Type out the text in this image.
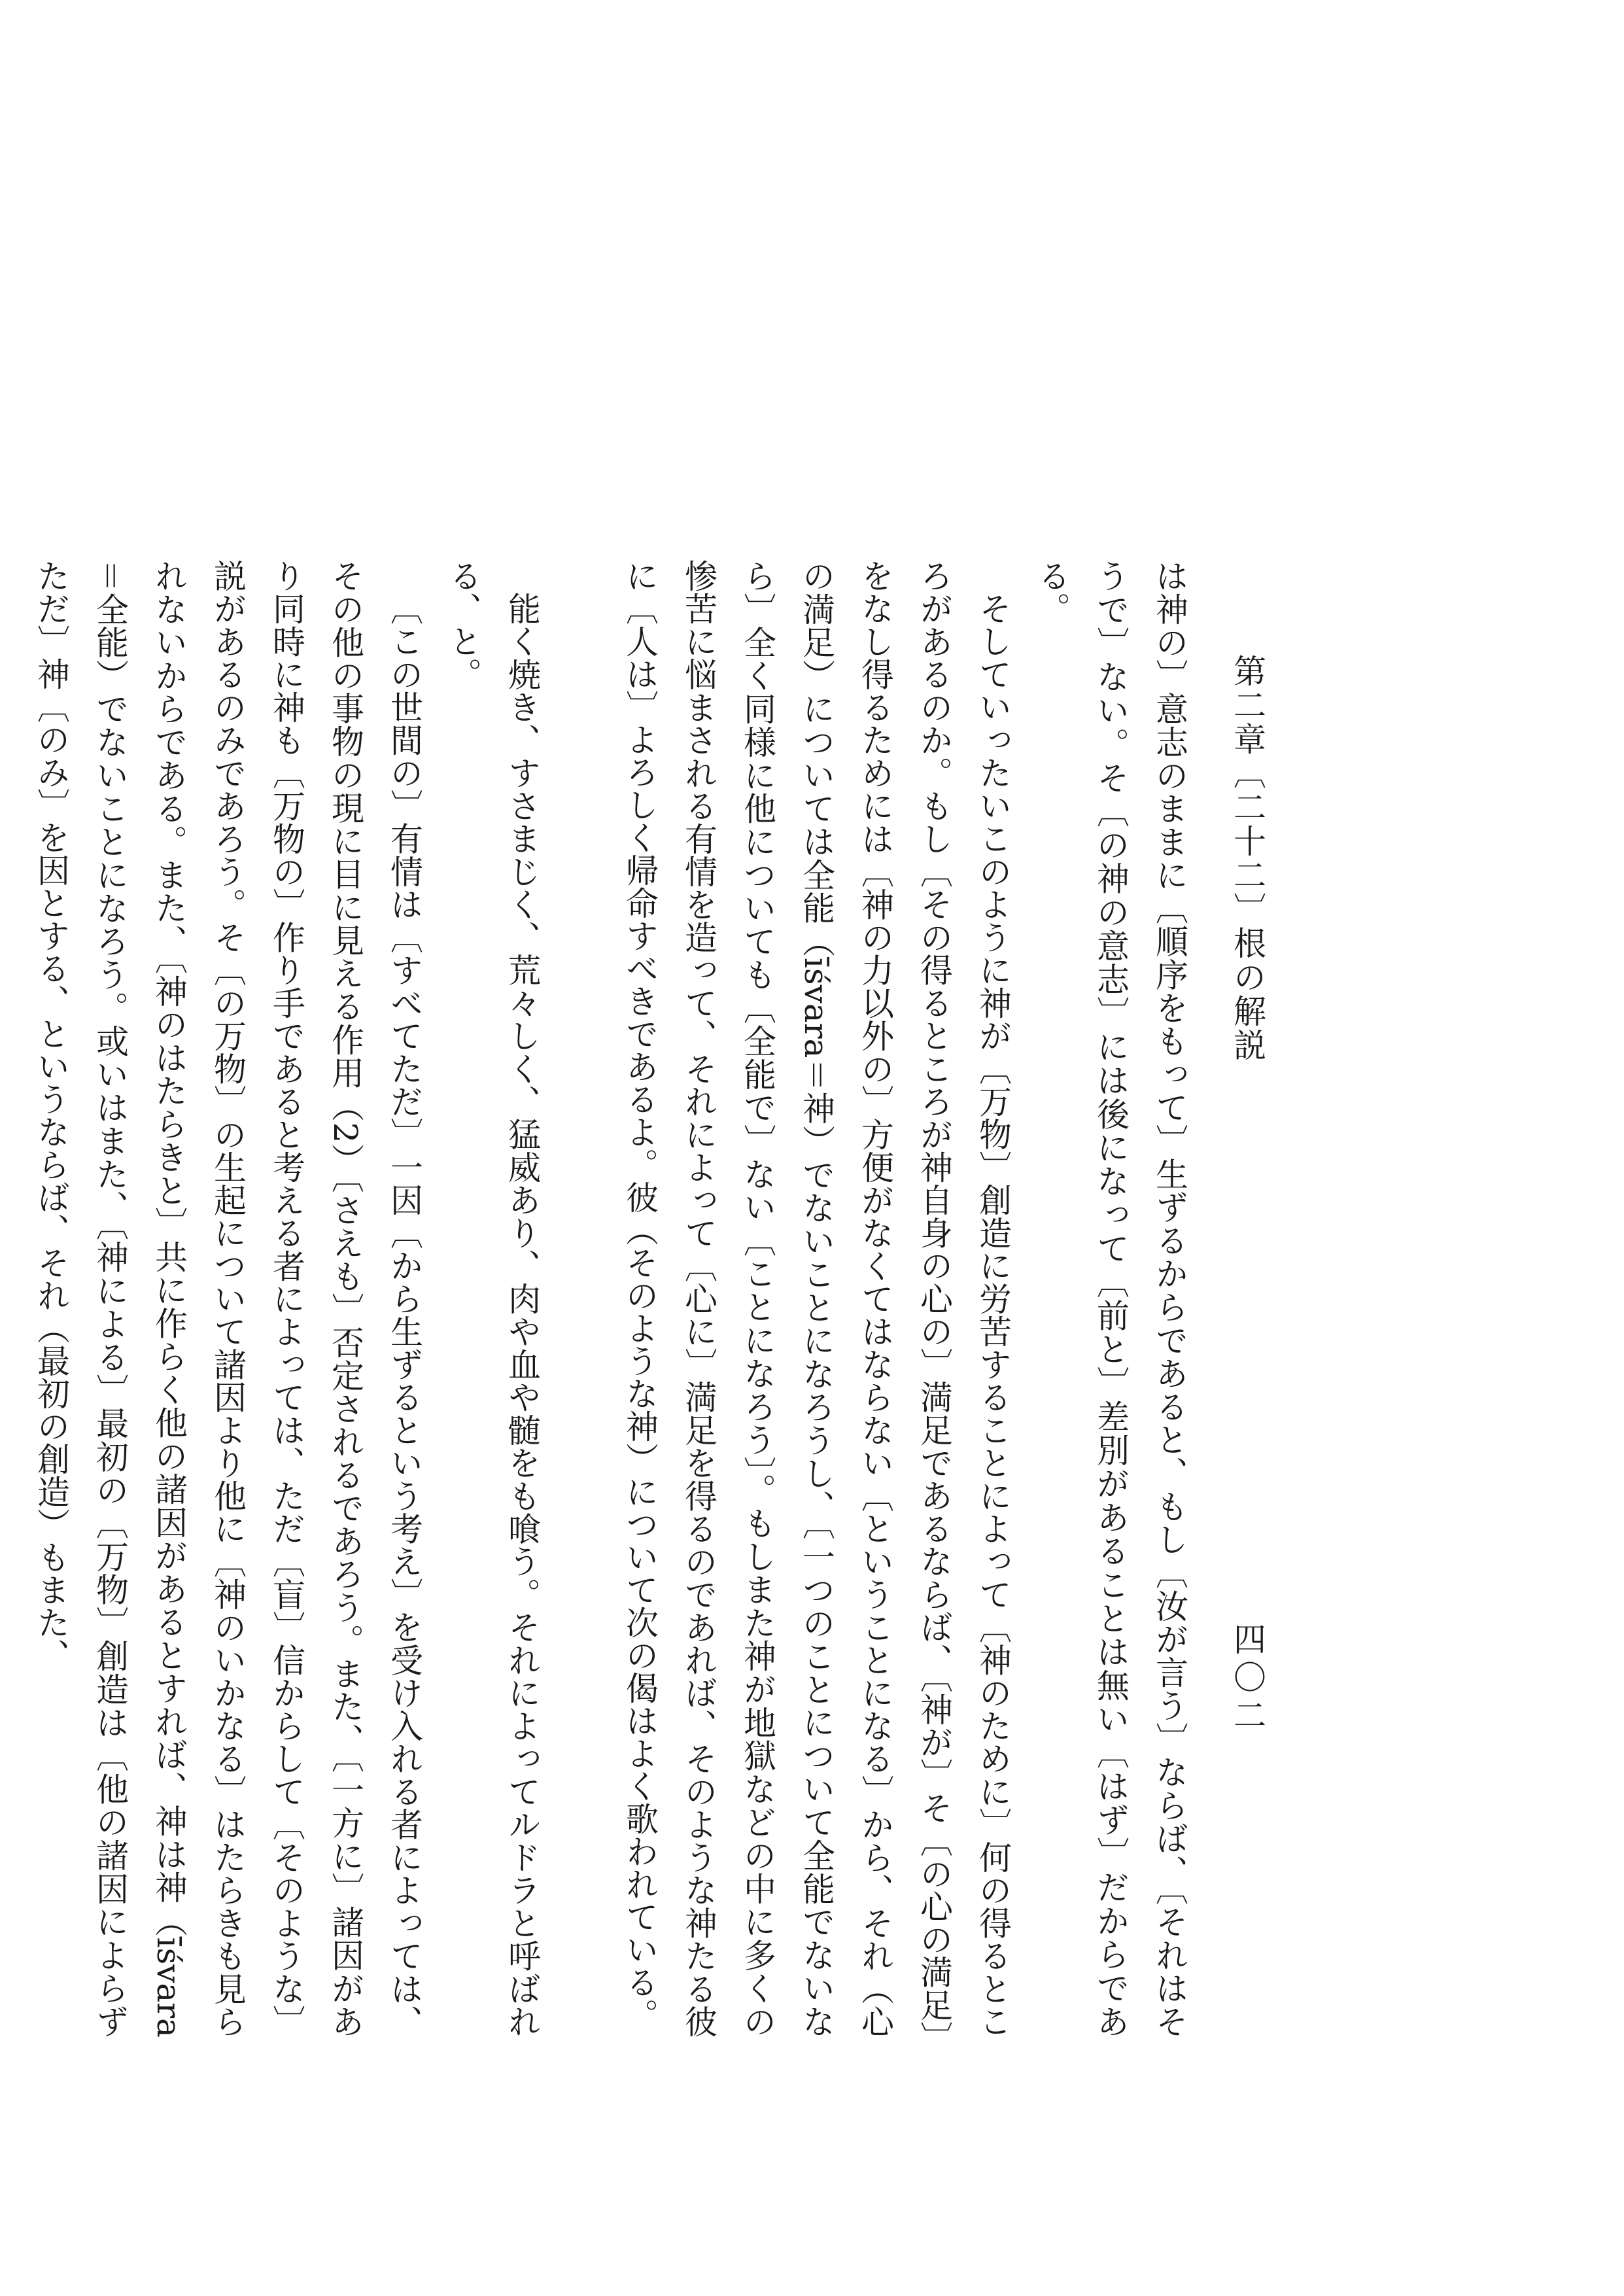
第二章〔二十二〕根の解説
四〇二

は神の〕意志のままに〔順序をもって〕生ずるからであると、もし〔汝が言う〕ならば、〔それはそうで〕ない。そ〔の神の意志〕には後になって〔前と〕差別があることは無い〔はず〕だからである。

そしていったいこのように神が〔万物〕創造に労苦することによって〔神のために〕何の得るところがあるのか。もし〔その得るところが神自身の心の〕満足であるならば、〔神が〕そ〔の心の満足〕をなし得るためには〔神の力以外の〕方便がなくてはならない〔ということになる〕から、それ（心の満足）については全能（īśvara＝神）でないことになろうし、〔一つのことについて全能でないなら〕全く同様に他についても〔全能で〕ない〔ことになろう〕。もしまた神が地獄などの中に多くの惨苦に悩まされる有情を造って、それによって〔心に〕満足を得るのであれば、そのような神たる彼に〔人は〕よろしく帰命すべきであるよ。彼（そのような神）について次の偈はよく歌われている。

能く焼き、すさまじく、荒々しく、猛威あり、肉や血や髄をも喰う。それによってルドラと呼ばれる、と。

〔この世間の〕有情は〔すべてただ〕一因〔から生ずるという考え〕を受け入れる者によっては、その他の事物の現に目に見える作用（2）〔さえも〕否定されるであろう。また、〔一方に〕諸因があり同時に神も〔万物の〕作り手であると考える者によっては、ただ〔盲〕信からして〔そのような〕説があるのみであろう。そ〔の万物〕の生起について諸因より他に〔神のいかなる〕はたらきも見られないからである。また、〔神のはたらきと〕共に作らく他の諸因があるとすれば、神は神（īśvara＝全能）でないことになろう。或いはまた、〔神による〕最初の〔万物〕創造は〔他の諸因によらずただ〕神〔のみ〕を因とする、というならば、それ（最初の創造）もまた、
